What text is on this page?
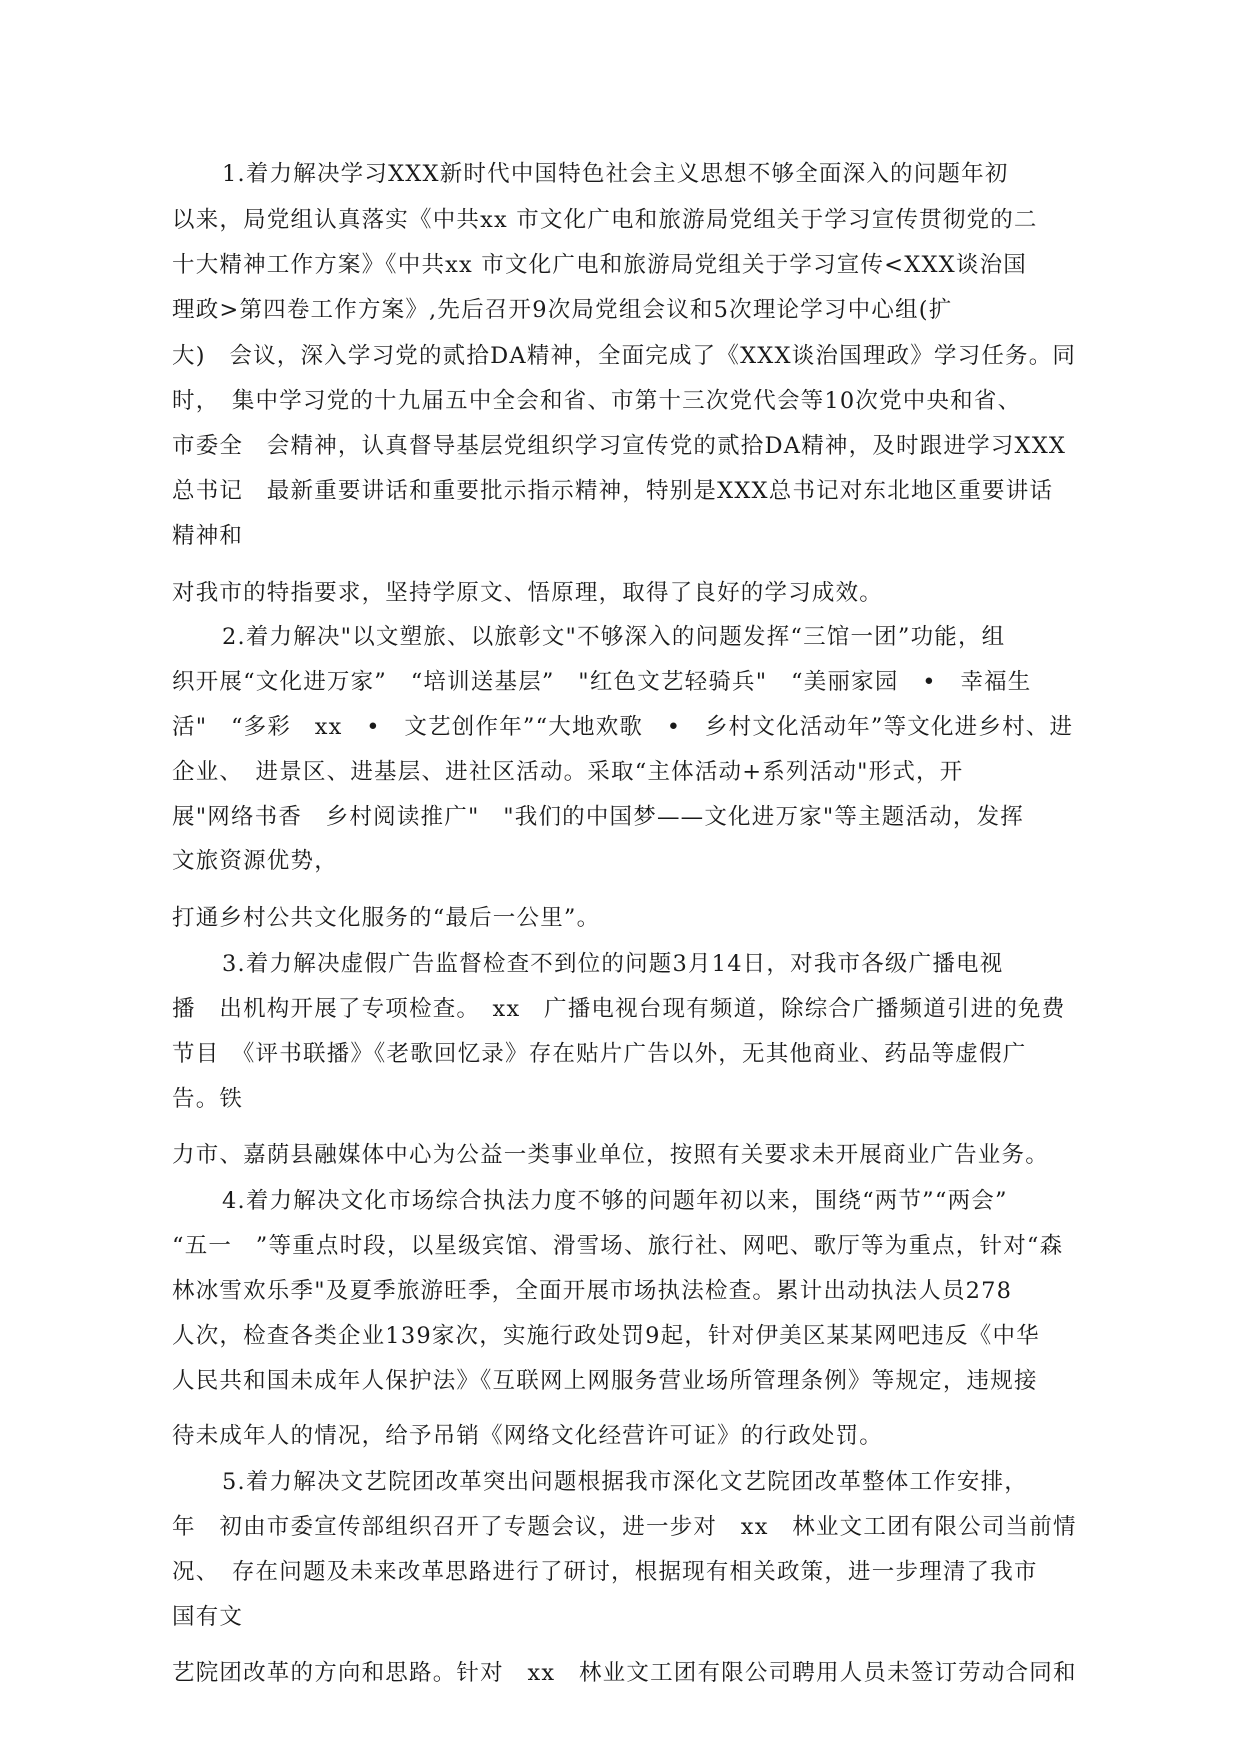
1.着力解决学习XXX新时代中国特色社会主义思想不够全面深入的问题年初
以来，局党组认真落实《中共xx 市文化广电和旅游局党组关于学习宣传贯彻党的二
十大精神工作方案》《中共xx 市文化广电和旅游局党组关于学习宣传<XXX谈治国
理政>第四卷工作方案》,先后召开9次局党组会议和5次理论学习中心组(扩
大)　会议，深入学习党的贰拾DA精神，全面完成了《XXX谈治国理政》学习任务。同
时，　集中学习党的十九届五中全会和省、市第十三次党代会等10次党中央和省、
市委全　会精神，认真督导基层党组织学习宣传党的贰拾DA精神，及时跟进学习XXX
总书记　最新重要讲话和重要批示指示精神，特别是XXX总书记对东北地区重要讲话
精神和
对我市的特指要求，坚持学原文、悟原理，取得了良好的学习成效。
2.着力解决"以文塑旅、以旅彰文"不够深入的问题发挥“三馆一团”功能，组
织开展“文化进万家”　“培训送基层”　"红色文艺轻骑兵"　“美丽家园　•　幸福生
活"　“多彩　xx　•　文艺创作年”“大地欢歌　•　乡村文化活动年”等文化进乡村、进
企业、　进景区、进基层、进社区活动。采取“主体活动+系列活动"形式，开
展"网络书香　乡村阅读推广"　"我们的中国梦——文化进万家"等主题活动，发挥
文旅资源优势，
打通乡村公共文化服务的“最后一公里”。
3.着力解决虚假广告监督检查不到位的问题3月14日，对我市各级广播电视
播　出机构开展了专项检查。　xx　广播电视台现有频道，除综合广播频道引进的免费
节目　《评书联播》《老歌回忆录》存在贴片广告以外，无其他商业、药品等虚假广
告。铁
力市、嘉荫县融媒体中心为公益一类事业单位，按照有关要求未开展商业广告业务。
4.着力解决文化市场综合执法力度不够的问题年初以来，围绕“两节”“两会”
“五一　”等重点时段，以星级宾馆、滑雪场、旅行社、网吧、歌厅等为重点，针对“森
林冰雪欢乐季"及夏季旅游旺季，全面开展市场执法检查。累计出动执法人员278
人次，检查各类企业139家次，实施行政处罚9起，针对伊美区某某网吧违反《中华
人民共和国未成年人保护法》《互联网上网服务营业场所管理条例》等规定，违规接
待未成年人的情况，给予吊销《网络文化经营许可证》的行政处罚。
5.着力解决文艺院团改革突出问题根据我市深化文艺院团改革整体工作安排，
年　初由市委宣传部组织召开了专题会议，进一步对　xx　林业文工团有限公司当前情
况、　存在问题及未来改革思路进行了研讨，根据现有相关政策，进一步理清了我市
国有文
艺院团改革的方向和思路。针对　xx　林业文工团有限公司聘用人员未签订劳动合同和
